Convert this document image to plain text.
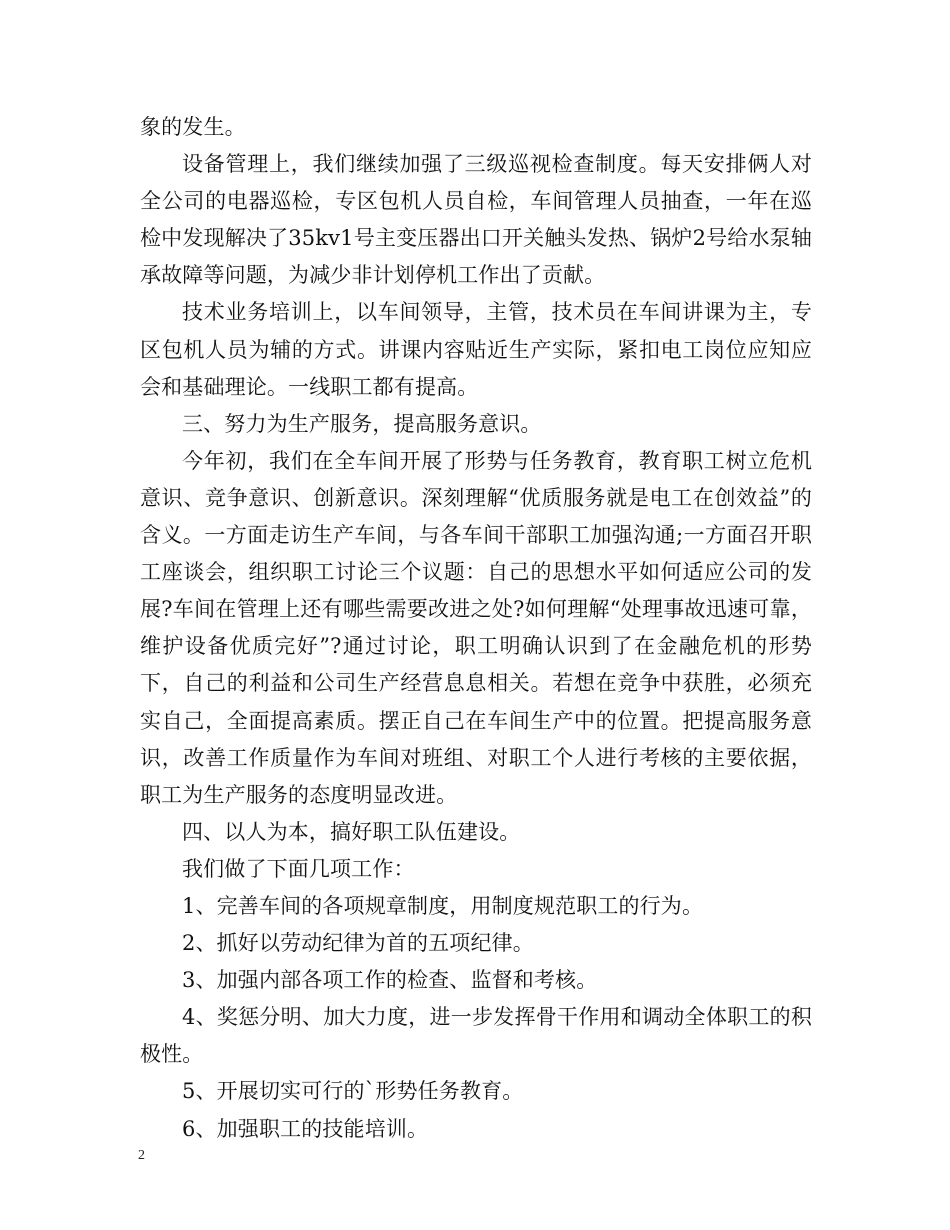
象的发生。

设备管理上，我们继续加强了三级巡视检查制度。每天安排俩人对全公司的电器巡检，专区包机人员自检，车间管理人员抽查，一年在巡检中发现解决了35kv1号主变压器出口开关触头发热、锅炉2号给水泵轴承故障等问题，为减少非计划停机工作出了贡献。

技术业务培训上，以车间领导，主管，技术员在车间讲课为主，专区包机人员为辅的方式。讲课内容贴近生产实际，紧扣电工岗位应知应会和基础理论。一线职工都有提高。

三、努力为生产服务，提高服务意识。

今年初，我们在全车间开展了形势与任务教育，教育职工树立危机意识、竞争意识、创新意识。深刻理解“优质服务就是电工在创效益”的含义。一方面走访生产车间，与各车间干部职工加强沟通;一方面召开职工座谈会，组织职工讨论三个议题：自己的思想水平如何适应公司的发展?车间在管理上还有哪些需要改进之处?如何理解“处理事故迅速可靠，维护设备优质完好”?通过讨论，职工明确认识到了在金融危机的形势下，自己的利益和公司生产经营息息相关。若想在竞争中获胜，必须充实自己，全面提高素质。摆正自己在车间生产中的位置。把提高服务意识，改善工作质量作为车间对班组、对职工个人进行考核的主要依据，职工为生产服务的态度明显改进。

四、以人为本，搞好职工队伍建设。

我们做了下面几项工作：

1、完善车间的各项规章制度，用制度规范职工的行为。

2、抓好以劳动纪律为首的五项纪律。

3、加强内部各项工作的检查、监督和考核。

4、奖惩分明、加大力度，进一步发挥骨干作用和调动全体职工的积极性。

5、开展切实可行的`形势任务教育。

6、加强职工的技能培训。

2
